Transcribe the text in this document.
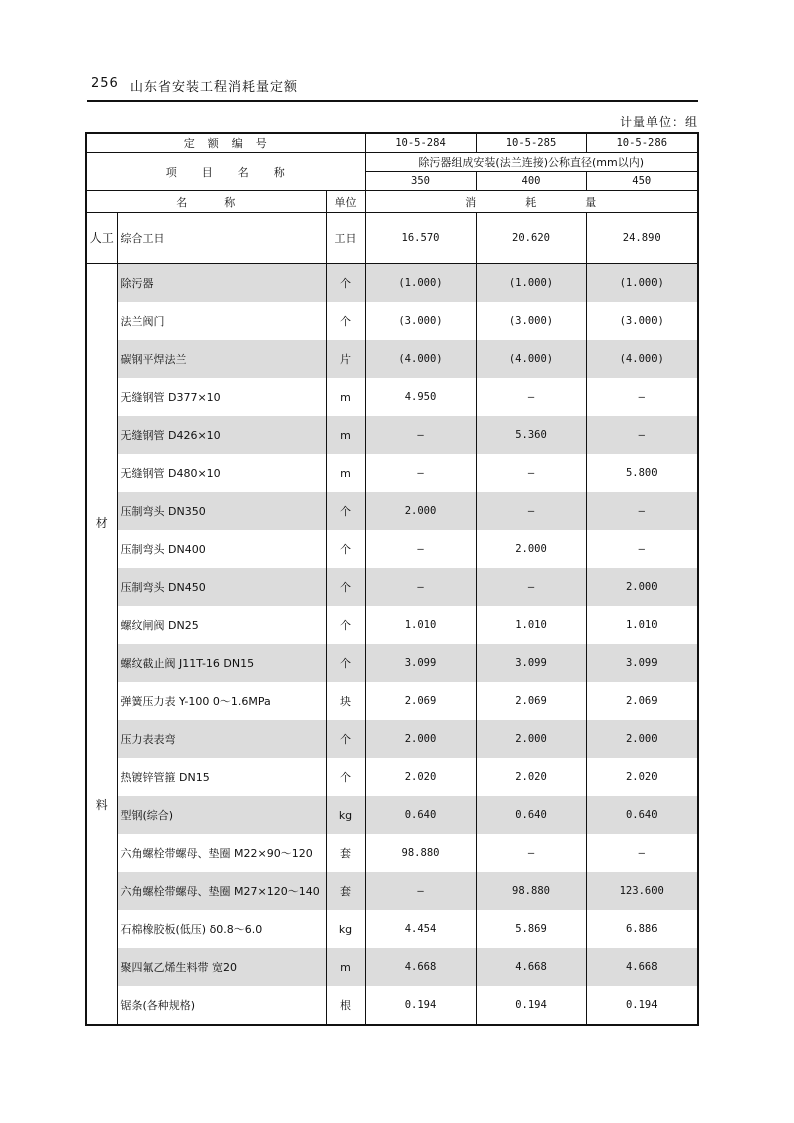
256 山东省安装工程消耗量定额
计量单位：组
定　额　编　号			10-5-284	10-5-285	10-5-286
项　　目　　名　　称			除污器组成安装(法兰连接)公称直径(mm以内)		
			350	400	450
名　　　称		单位	消　　　　耗　　　　量		
人工	综合工日	工日	16.570	20.620	24.890

材
料	除污器	个	(1.000)	(1.000)	(1.000)
	法兰阀门	个	(3.000)	(3.000)	(3.000)
	碳钢平焊法兰	片	(4.000)	(4.000)	(4.000)
	无缝钢管 D377×10	m	4.950	—	—
	无缝钢管 D426×10	m	—	5.360	—
	无缝钢管 D480×10	m	—	—	5.800
	压制弯头 DN350	个	2.000	—	—
	压制弯头 DN400	个	—	2.000	—
	压制弯头 DN450	个	—	—	2.000
	螺纹闸阀 DN25	个	1.010	1.010	1.010
	螺纹截止阀 J11T-16 DN15	个	3.099	3.099	3.099
	弹簧压力表 Y-100 0～1.6MPa	块	2.069	2.069	2.069
	压力表表弯	个	2.000	2.000	2.000
	热镀锌管箍 DN15	个	2.020	2.020	2.020
	型钢(综合)	kg	0.640	0.640	0.640
	六角螺栓带螺母、垫圈 M22×90～120	套	98.880	—	—
	六角螺栓带螺母、垫圈 M27×120～140	套	—	98.880	123.600
	石棉橡胶板(低压) δ0.8～6.0	kg	4.454	5.869	6.886
	聚四氟乙烯生料带 宽20	m	4.668	4.668	4.668
	锯条(各种规格)	根	0.194	0.194	0.194
